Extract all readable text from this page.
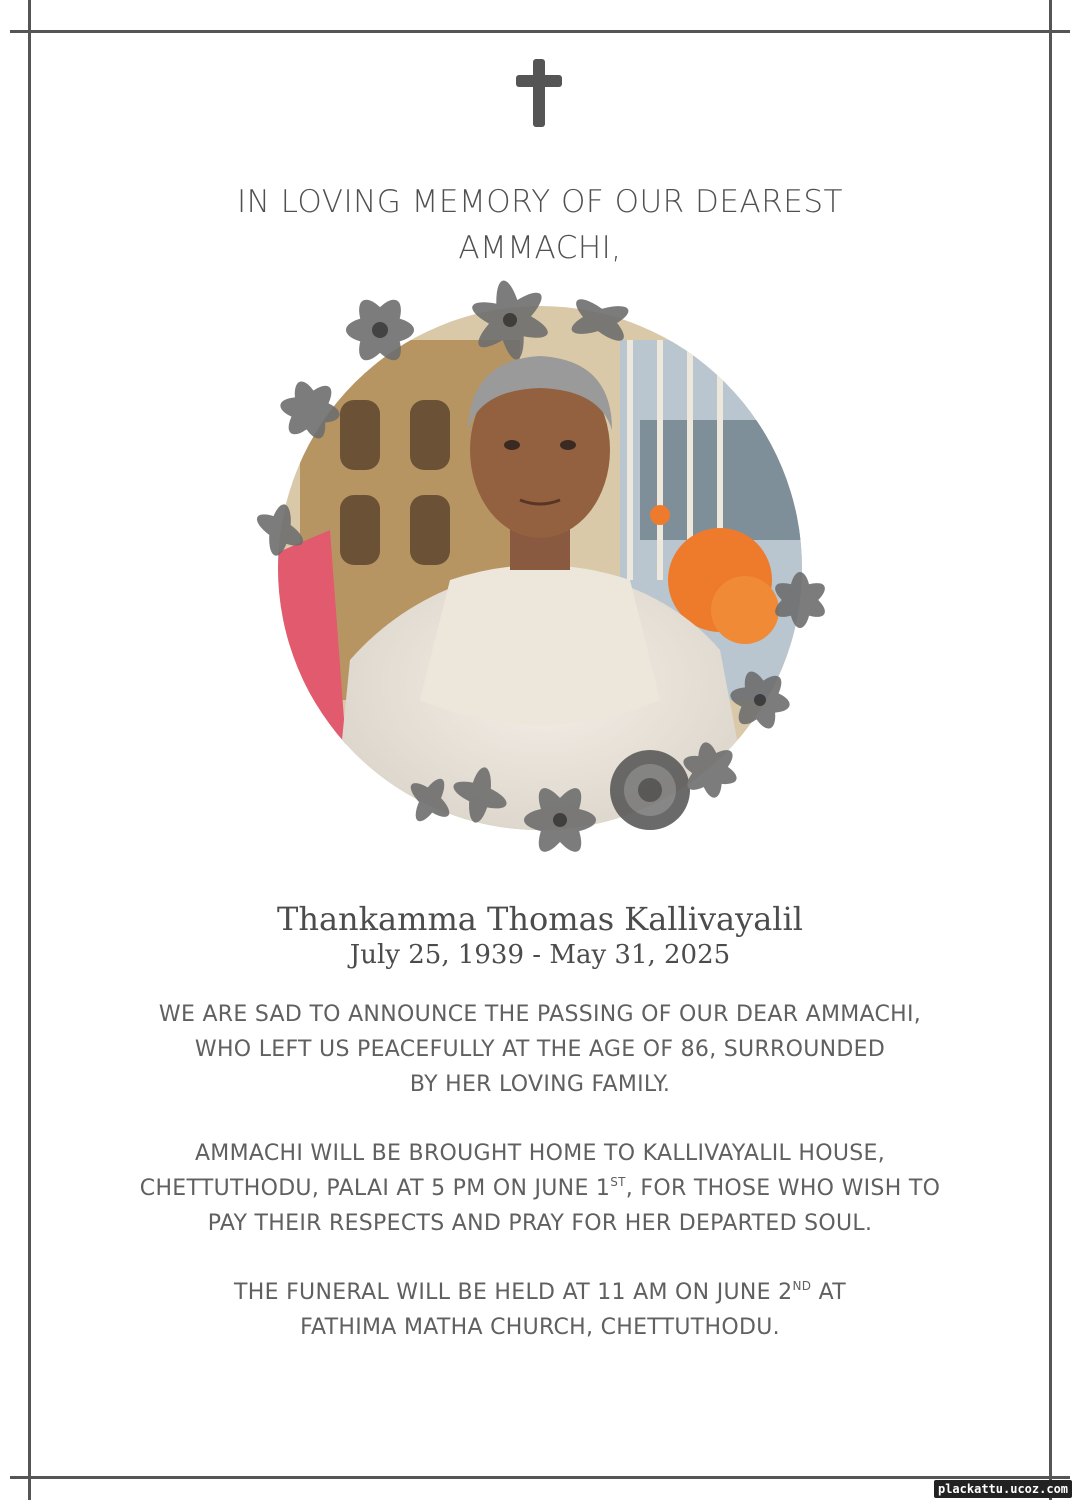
IN LOVING MEMORY OF OUR DEAREST
AMMACHI,
Thankamma Thomas Kallivayalil
July 25, 1939 - May 31, 2025
WE ARE SAD TO ANNOUNCE THE PASSING OF OUR DEAR AMMACHI,
WHO LEFT US PEACEFULLY AT THE AGE OF 86, SURROUNDED
BY HER LOVING FAMILY.
AMMACHI WILL BE BROUGHT HOME TO KALLIVAYALIL HOUSE,
CHETTUTHODU, PALAI AT 5 PM ON JUNE 1ST, FOR THOSE WHO WISH TO
PAY THEIR RESPECTS AND PRAY FOR HER DEPARTED SOUL.
THE FUNERAL WILL BE HELD AT 11 AM ON JUNE 2ND AT
FATHIMA MATHA CHURCH, CHETTUTHODU.
plackattu.ucoz.com
